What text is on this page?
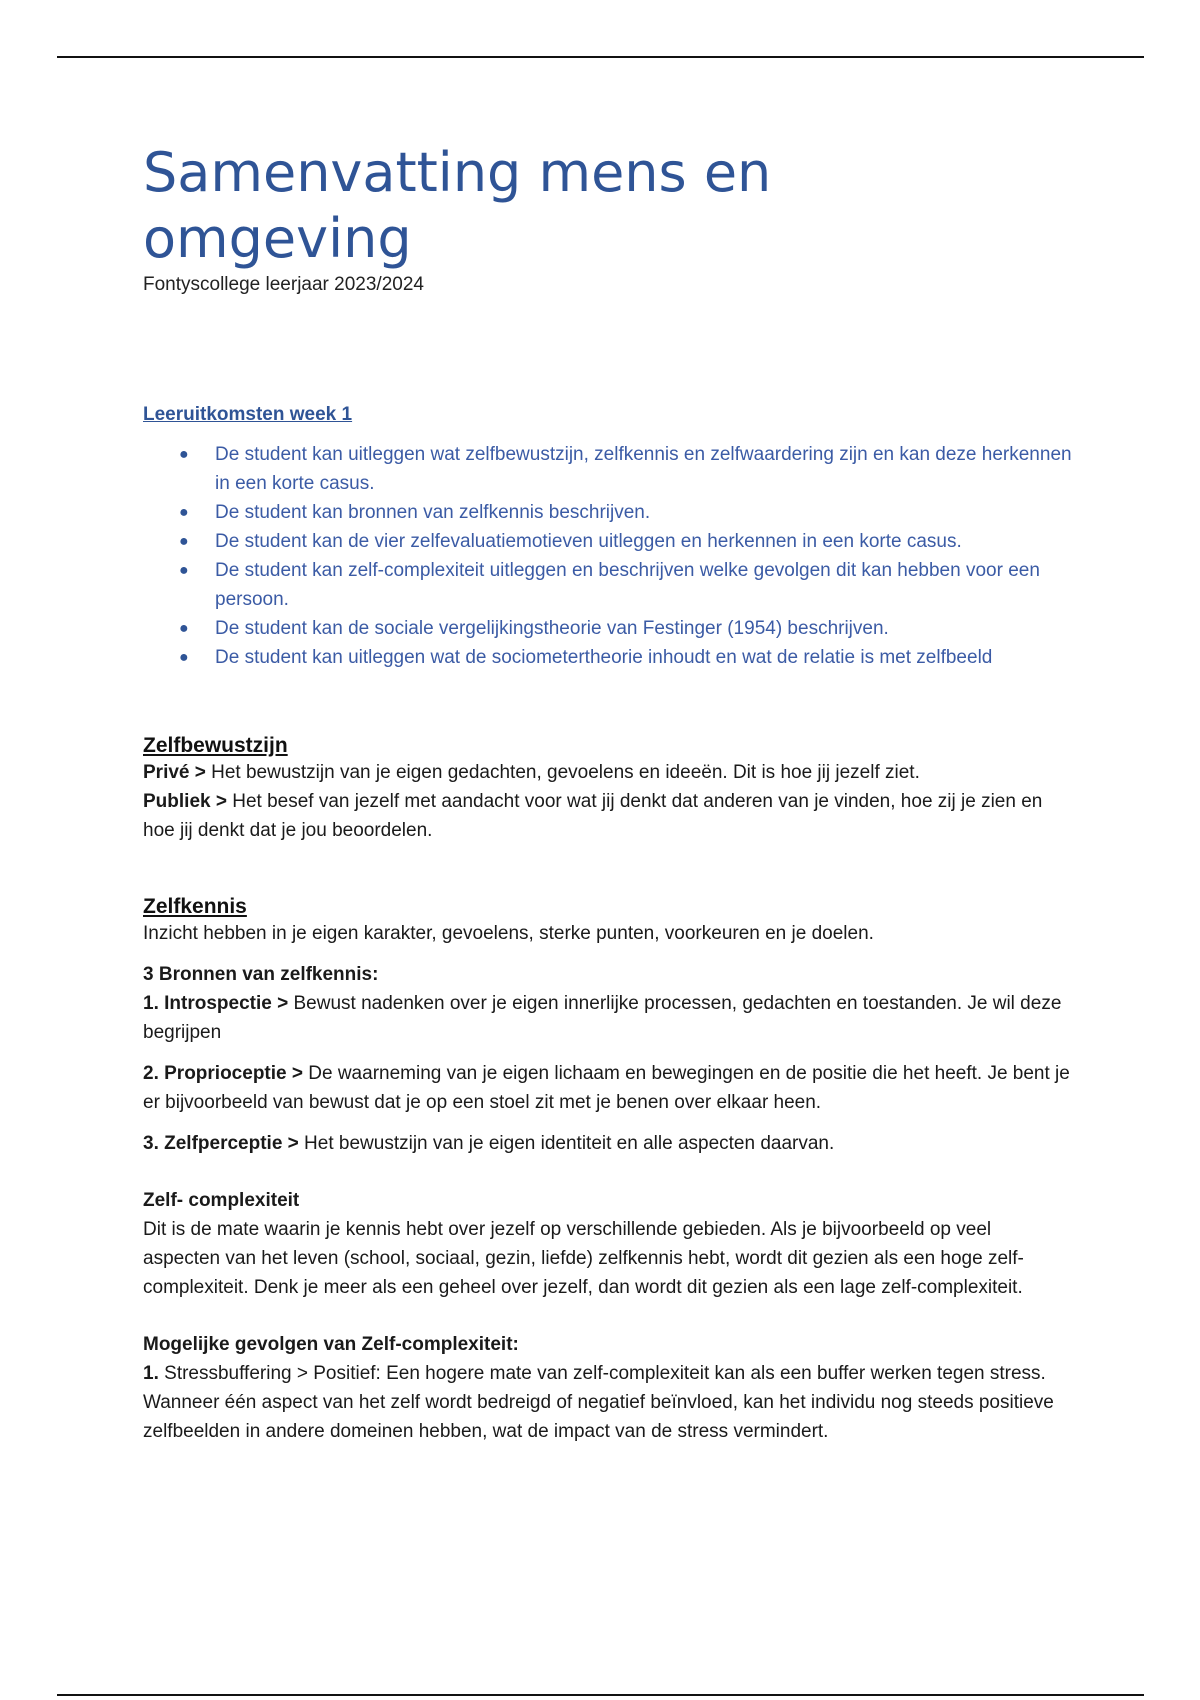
Samenvatting mens en omgeving
Fontyscollege leerjaar 2023/2024
Leeruitkomsten week 1
● De student kan uitleggen wat zelfbewustzijn, zelfkennis en zelfwaardering zijn en kan deze herkennen in een korte casus.
● De student kan bronnen van zelfkennis beschrijven.
● De student kan de vier zelfevaluatiemotieven uitleggen en herkennen in een korte casus.
● De student kan zelf-complexiteit uitleggen en beschrijven welke gevolgen dit kan hebben voor een persoon.
● De student kan de sociale vergelijkingstheorie van Festinger (1954) beschrijven.
● De student kan uitleggen wat de sociometertheorie inhoudt en wat de relatie is met zelfbeeld
Zelfbewustzijn

Privé > Het bewustzijn van je eigen gedachten, gevoelens en ideeën. Dit is hoe jij jezelf ziet.

Publiek > Het besef van jezelf met aandacht voor wat jij denkt dat anderen van je vinden, hoe zij je zien en hoe jij denkt dat je jou beoordelen.

Zelfkennis

Inzicht hebben in je eigen karakter, gevoelens, sterke punten, voorkeuren en je doelen.

3 Bronnen van zelfkennis:

1. Introspectie > Bewust nadenken over je eigen innerlijke processen, gedachten en toestanden. Je wil deze begrijpen

2. Proprioceptie > De waarneming van je eigen lichaam en bewegingen en de positie die het heeft. Je bent je er bijvoorbeeld van bewust dat je op een stoel zit met je benen over elkaar heen.

3. Zelfperceptie > Het bewustzijn van je eigen identiteit en alle aspecten daarvan.

Zelf- complexiteit

Dit is de mate waarin je kennis hebt over jezelf op verschillende gebieden. Als je bijvoorbeeld op veel aspecten van het leven (school, sociaal, gezin, liefde) zelfkennis hebt, wordt dit gezien als een hoge zelf-complexiteit. Denk je meer als een geheel over jezelf, dan wordt dit gezien als een lage zelf-complexiteit.

Mogelijke gevolgen van Zelf-complexiteit:

1. Stressbuffering > Positief: Een hogere mate van zelf-complexiteit kan als een buffer werken tegen stress. Wanneer één aspect van het zelf wordt bedreigd of negatief beïnvloed, kan het individu nog steeds positieve zelfbeelden in andere domeinen hebben, wat de impact van de stress vermindert.
